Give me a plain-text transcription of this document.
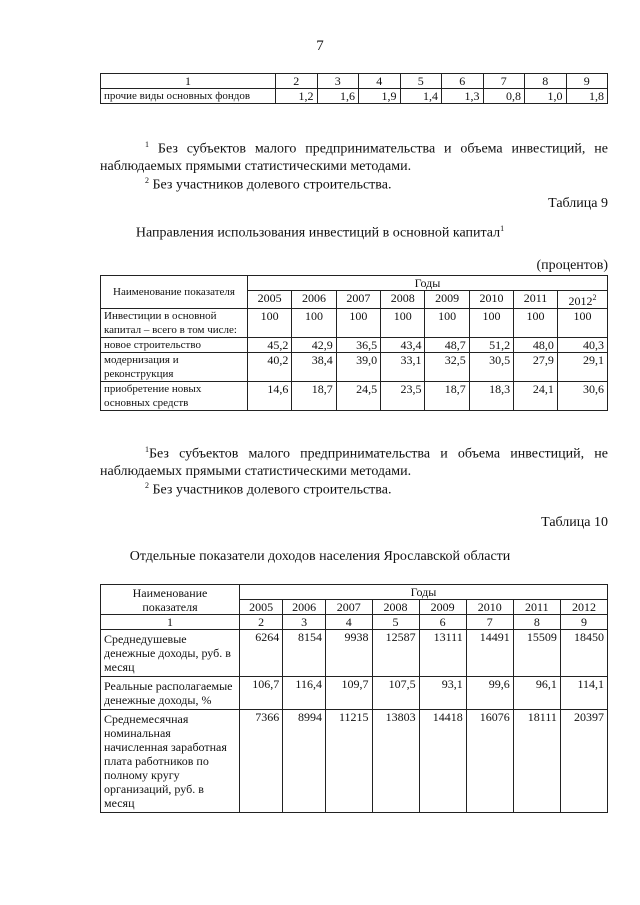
7
1	2	3	4	5	6	7	8	9
прочие виды основных фондов	1,2	1,6	1,9	1,4	1,3	0,8	1,0	1,8
$^1$ Без субъектов малого предпринимательства и объема инвестиций, не наблюдаемых прямыми статистическими методами.
$^2$ Без участников долевого строительства.
Таблица 9
Направления использования инвестиций в основной капитал$^1$
(процентов)
Наименование показателя	Годы							
	2005	2006	2007	2008	2009	2010	2011	2012$^2$
Инвестиции в основной капитал – всего в том числе:	100	100	100	100	100	100	100	100
новое строительство	45,2	42,9	36,5	43,4	48,7	51,2	48,0	40,3
модернизация и реконструкция	40,2	38,4	39,0	33,1	32,5	30,5	27,9	29,1
приобретение новых основных средств	14,6	18,7	24,5	23,5	18,7	18,3	24,1	30,6
$^1$Без субъектов малого предпринимательства и объема инвестиций, не наблюдаемых прямыми статистическими методами.
$^2$ Без участников долевого строительства.
Таблица 10
Отдельные показатели доходов населения Ярославской области
Наименование показателя	Годы							
	2005	2006	2007	2008	2009	2010	2011	2012
1	2	3	4	5	6	7	8	9
Среднедушевые денежные доходы, руб. в месяц	6264	8154	9938	12587	13111	14491	15509	18450
Реальные располагаемые денежные доходы, %	106,7	116,4	109,7	107,5	93,1	99,6	96,1	114,1
Среднемесячная номинальная начисленная заработная плата работников по полному кругу организаций, руб. в месяц	7366	8994	11215	13803	14418	16076	18111	20397
